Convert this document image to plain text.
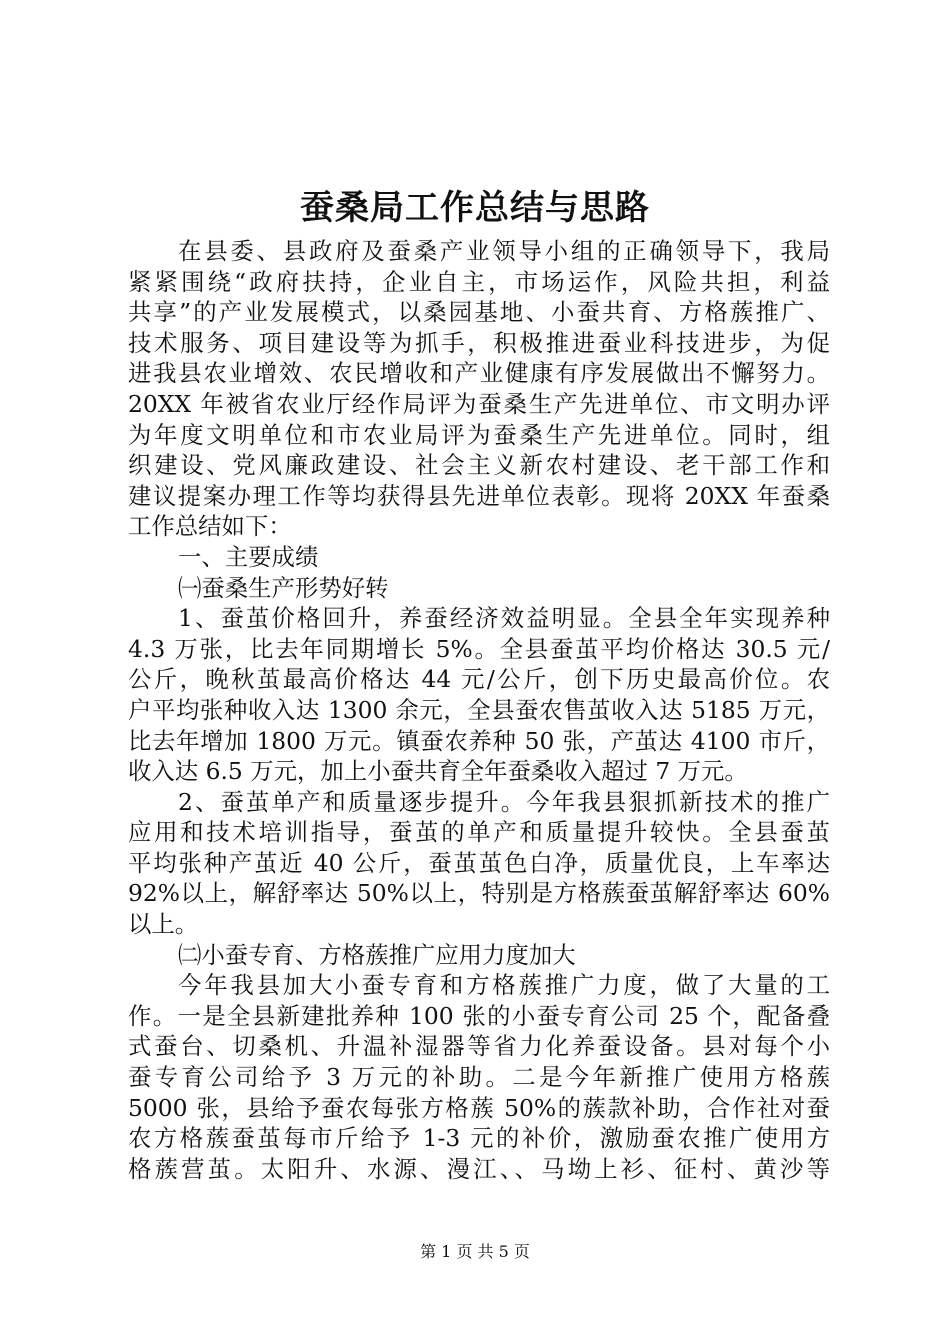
蚕桑局工作总结与思路
在县委、县政府及蚕桑产业领导小组的正确领导下，我局
紧紧围绕“政府扶持，企业自主，市场运作，风险共担，利益
共享”的产业发展模式，以桑园基地、小蚕共育、方格蔟推广、
技术服务、项目建设等为抓手，积极推进蚕业科技进步，为促
进我县农业增效、农民增收和产业健康有序发展做出不懈努力。
20XX 年被省农业厅经作局评为蚕桑生产先进单位、市文明办评
为年度文明单位和市农业局评为蚕桑生产先进单位。同时，组
织建设、党风廉政建设、社会主义新农村建设、老干部工作和
建议提案办理工作等均获得县先进单位表彰。现将 20XX 年蚕桑
工作总结如下：
一、主要成绩
㈠蚕桑生产形势好转
1、蚕茧价格回升，养蚕经济效益明显。全县全年实现养种
4.3 万张，比去年同期增长 5%。全县蚕茧平均价格达 30.5 元/
公斤，晚秋茧最高价格达 44 元/公斤，创下历史最高价位。农
户平均张种收入达 1300 余元，全县蚕农售茧收入达 5185 万元，
比去年增加 1800 万元。镇蚕农养种 50 张，产茧达 4100 市斤，
收入达 6.5 万元，加上小蚕共育全年蚕桑收入超过 7 万元。
2、蚕茧单产和质量逐步提升。今年我县狠抓新技术的推广
应用和技术培训指导，蚕茧的单产和质量提升较快。全县蚕茧
平均张种产茧近 40 公斤，蚕茧茧色白净，质量优良，上车率达
92%以上，解舒率达 50%以上，特别是方格蔟蚕茧解舒率达 60%
以上。
㈡小蚕专育、方格蔟推广应用力度加大
今年我县加大小蚕专育和方格蔟推广力度，做了大量的工
作。一是全县新建批养种 100 张的小蚕专育公司 25 个，配备叠
式蚕台、切桑机、升温补湿器等省力化养蚕设备。县对每个小
蚕专育公司给予 3 万元的补助。二是今年新推广使用方格蔟
5000 张，县给予蚕农每张方格蔟 50%的蔟款补助，合作社对蚕
农方格蔟蚕茧每市斤给予 1-3 元的补价，激励蚕农推广使用方
格蔟营茧。太阳升、水源、漫江、、马坳上衫、征村、黄沙等
第 1 页 共 5 页
